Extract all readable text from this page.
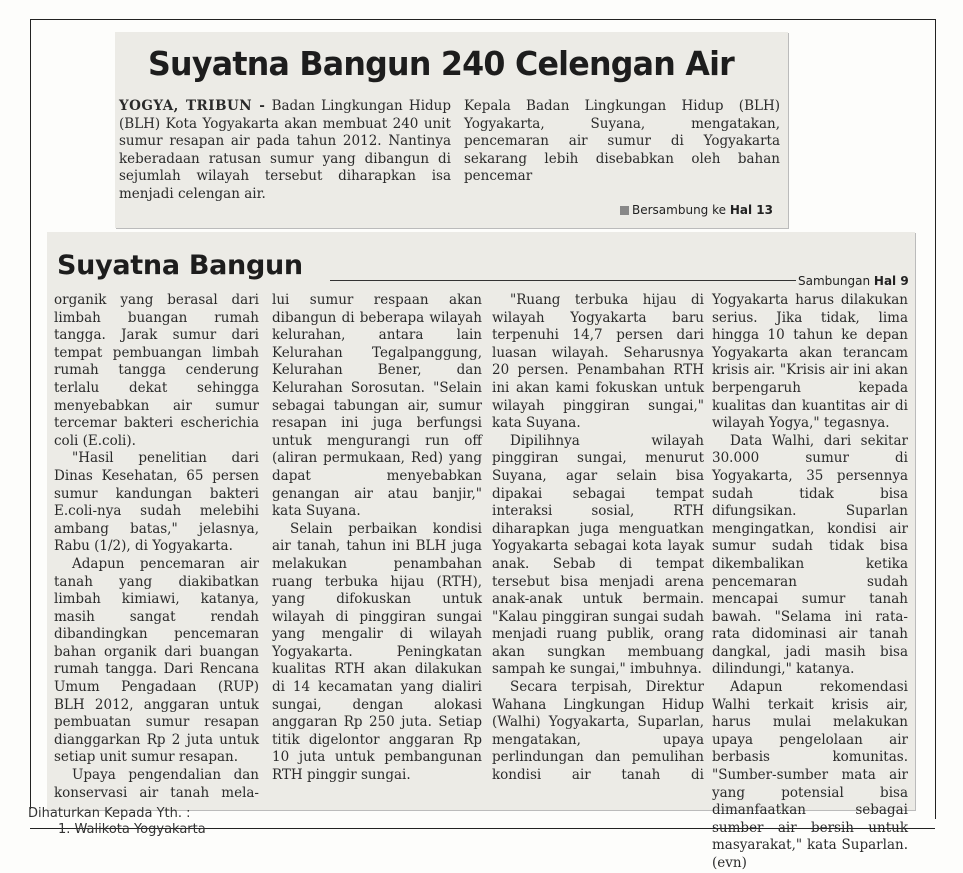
Suyatna Bangun 240 Celengan Air

YOGYA, TRIBUN - Badan Lingkungan Hidup (BLH) Kota Yogyakarta akan membuat 240 unit sumur resapan air pada tahun 2012. Nantinya keberadaan ratusan sumur yang dibangun di sejumlah wilayah tersebut diharapkan isa menjadi celengan air.

Kepala Badan Lingkungan Hidup (BLH) Yogyakarta, Suyana, mengatakan, pencemaran air sumur di Yogyakarta sekarang lebih disebabkan oleh bahan pencemar

Bersambung ke Hal 13
Suyatna Bangun	Sambungan Hal 9

organik yang berasal dari limbah buangan rumah tangga. Jarak sumur dari tempat pembuangan limbah rumah tangga cenderung terlalu dekat sehingga menyebabkan air sumur tercemar bakteri escherichia coli (E.coli).

"Hasil penelitian dari Dinas Kesehatan, 65 persen sumur kandungan bakteri E.coli-nya sudah melebihi ambang batas," jelasnya, Rabu (1/2), di Yogyakarta.

Adapun pencemaran air tanah yang diakibatkan limbah kimiawi, katanya, masih sangat rendah dibandingkan pencemaran bahan organik dari buangan rumah tangga. Dari Rencana Umum Pengadaan (RUP) BLH 2012, anggaran untuk pembuatan sumur resapan dianggarkan Rp 2 juta untuk setiap unit sumur resapan.

Upaya pengendalian dan konservasi air tanah mela-

lui sumur respaan akan dibangun di beberapa wilayah kelurahan, antara lain Kelurahan Tegalpanggung, Kelurahan Bener, dan Kelurahan Sorosutan. "Selain sebagai tabungan air, sumur resapan ini juga berfungsi untuk mengurangi run off (aliran permukaan, Red) yang dapat menyebabkan genangan air atau banjir," kata Suyana.

Selain perbaikan kondisi air tanah, tahun ini BLH juga melakukan penambahan ruang terbuka hijau (RTH), yang difokuskan untuk wilayah di pinggiran sungai yang mengalir di wilayah Yogyakarta. Peningkatan kualitas RTH akan dilakukan di 14 kecamatan yang dialiri sungai, dengan alokasi anggaran Rp 250 juta. Setiap titik digelontor anggaran Rp 10 juta untuk pembangunan RTH pinggir sungai.

"Ruang terbuka hijau di wilayah Yogyakarta baru terpenuhi 14,7 persen dari luasan wilayah. Seharusnya 20 persen. Penambahan RTH ini akan kami fokuskan untuk wilayah pinggiran sungai," kata Suyana.

Dipilihnya wilayah pinggiran sungai, menurut Suyana, agar selain bisa dipakai sebagai tempat interaksi sosial, RTH diharapkan juga menguatkan Yogyakarta sebagai kota layak anak. Sebab di tempat tersebut bisa menjadi arena anak-anak untuk bermain. "Kalau pinggiran sungai sudah menjadi ruang publik, orang akan sungkan membuang sampah ke sungai," imbuhnya.

Secara terpisah, Direktur Wahana Lingkungan Hidup (Walhi) Yogyakarta, Suparlan, mengatakan, upaya perlindungan dan pemulihan kondisi air tanah di

Yogyakarta harus dilakukan serius. Jika tidak, lima hingga 10 tahun ke depan Yogyakarta akan terancam krisis air. "Krisis air ini akan berpengaruh kepada kualitas dan kuantitas air di wilayah Yogya," tegasnya.

Data Walhi, dari sekitar 30.000 sumur di Yogyakarta, 35 persennya sudah tidak bisa difungsikan. Suparlan mengingatkan, kondisi air sumur sudah tidak bisa dikembalikan ketika pencemaran sudah mencapai sumur tanah bawah. "Selama ini rata-rata didominasi air tanah dangkal, jadi masih bisa dilindungi," katanya.

Adapun rekomendasi Walhi terkait krisis air, harus mulai melakukan upaya pengelolaan air berbasis komunitas. "Sumber-sumber mata air yang potensial bisa dimanfaatkan sebagai sumber air bersih untuk masyarakat," kata Suparlan. (evn)

Dihaturkan Kepada Yth. :
1. Walikota Yogyakarta
